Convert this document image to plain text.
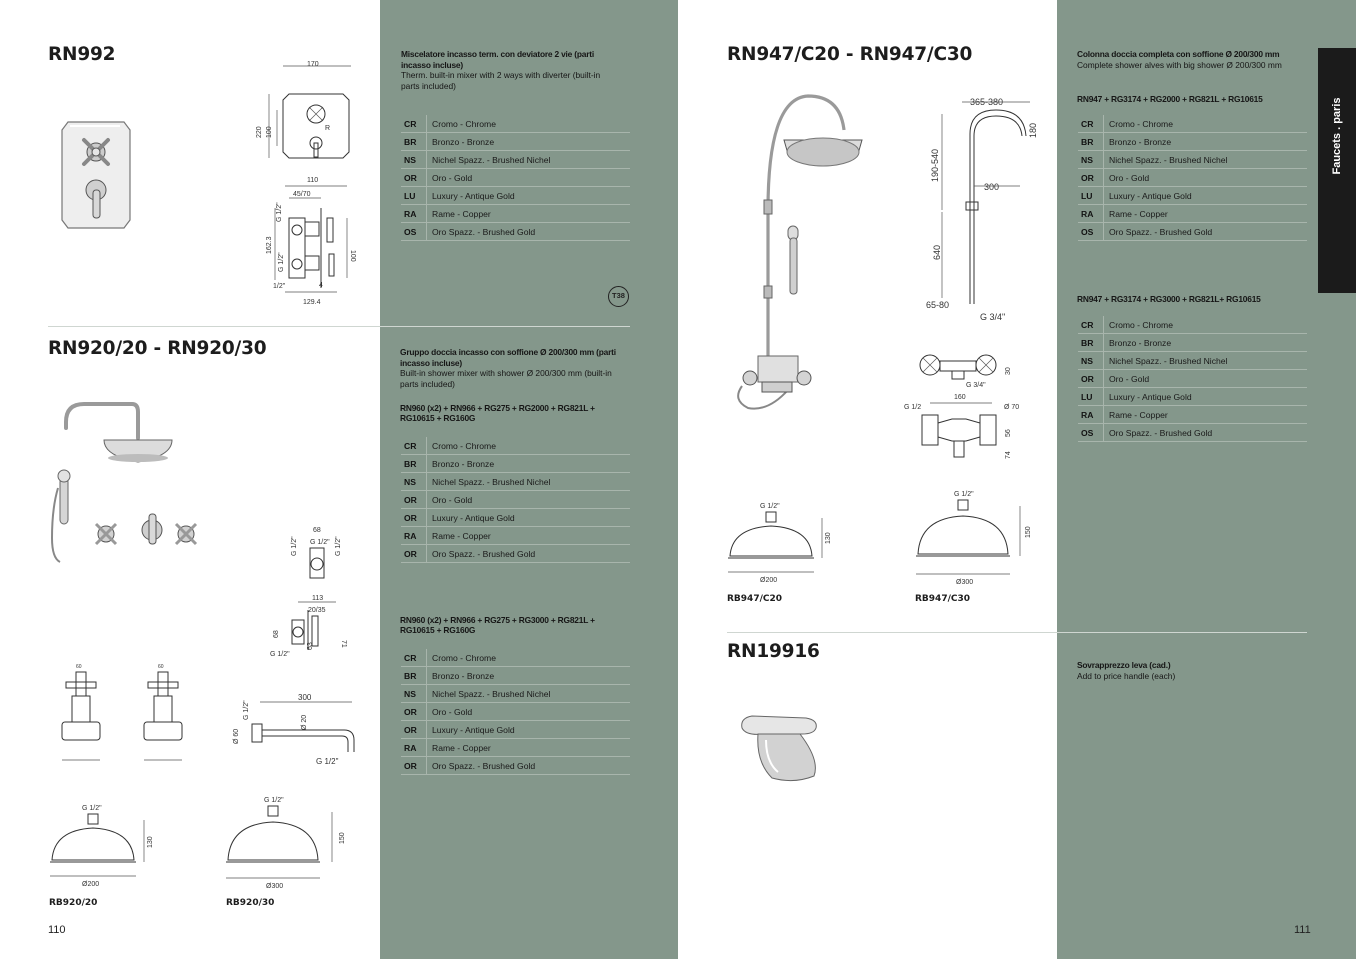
Faucets . paris
RN992	170
220 100	R
110
45/70
G 1/2"
162.3
100
G 1/2"
1/2"	4
129.4
Miscelatore incasso term. con deviatore 2 vie (parti incasso incluse)
Therm. built-in mixer with 2 ways with diverter (built-in parts included)
CR	Cromo - Chrome
BR	Bronzo - Bronze
NS	Nichel Spazz. - Brushed Nichel
OR	Oro - Gold
LU	Luxury - Antique Gold
RA	Rame - Copper
OS	Oro Spazz. - Brushed Gold
T38
RN920/20 - RN920/30
G 1/2"
68
G 1/2" G 1/2"
113
20/35
68
63	71
G 1/2"
60	60
300
G 1/2"
Ø 20
Ø 60
G 1/2"
G 1/2"
130
Ø200
RB920/20
G 1/2"
150
Ø300
RB920/30
Gruppo doccia incasso con soffione Ø 200/300 mm (parti incasso incluse)
Built-in shower mixer with shower Ø 200/300 mm (built-in parts included)
RN960 (x2) + RN966 + RG275 + RG2000 + RG821L + RG10615 + RG160G
CR	Cromo - Chrome
BR	Bronzo - Bronze
NS	Nichel Spazz. - Brushed Nichel
OR	Oro - Gold
OR	Luxury - Antique Gold
RA	Rame - Copper
OR	Oro Spazz. - Brushed Gold
RN960 (x2) + RN966 + RG275 + RG3000 + RG821L + RG10615 + RG160G
CR	Cromo - Chrome
BR	Bronzo - Bronze
NS	Nichel Spazz. - Brushed Nichel
OR	Oro - Gold
OR	Luxury - Antique Gold
RA	Rame - Copper
OR	Oro Spazz. - Brushed Gold
110
RN947/C20 - RN947/C30
365-380
180
190-540
300
640
65-80
G 3/4"
30
G 3/4"
G 1/2
160
Ø 70
56
74
G 1/2"
130
Ø200
RB947/C20
G 1/2"
150
Ø300
RB947/C30
Colonna doccia completa con soffione Ø 200/300 mm
Complete shower alves with big shower Ø 200/300 mm
RN947 + RG3174 + RG2000 + RG821L + RG10615
CR	Cromo - Chrome
BR	Bronzo - Bronze
NS	Nichel Spazz. - Brushed Nichel
OR	Oro - Gold
LU	Luxury - Antique Gold
RA	Rame - Copper
OS	Oro Spazz. - Brushed Gold
RN947 + RG3174 + RG3000 + RG821L+ RG10615
CR	Cromo - Chrome
BR	Bronzo - Bronze
NS	Nichel Spazz. - Brushed Nichel
OR	Oro - Gold
LU	Luxury - Antique Gold
RA	Rame - Copper
OS	Oro Spazz. - Brushed Gold
RN19916
Sovrapprezzo leva (cad.)
Add to price handle (each)
111
